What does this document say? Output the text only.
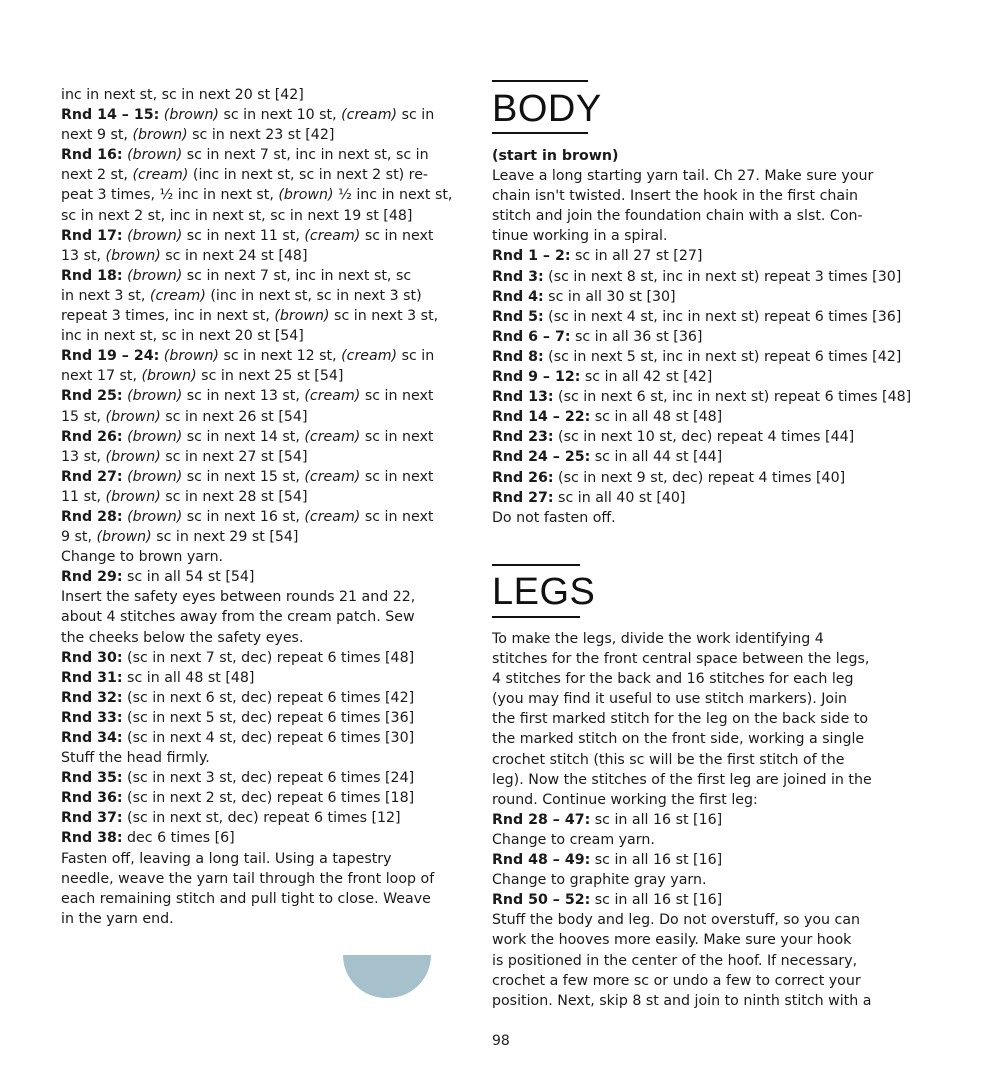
inc in next st, sc in next 20 st [42]
Rnd 14 – 15: (brown) sc in next 10 st, (cream) sc in
next 9 st, (brown) sc in next 23 st [42]
Rnd 16: (brown) sc in next 7 st, inc in next st, sc in
next 2 st, (cream) (inc in next st, sc in next 2 st) re-
peat 3 times, ½ inc in next st, (brown) ½ inc in next st,
sc in next 2 st, inc in next st, sc in next 19 st [48]
Rnd 17: (brown) sc in next 11 st, (cream) sc in next
13 st, (brown) sc in next 24 st [48]
Rnd 18: (brown) sc in next 7 st, inc in next st, sc
in next 3 st, (cream) (inc in next st, sc in next 3 st)
repeat 3 times, inc in next st, (brown) sc in next 3 st,
inc in next st, sc in next 20 st [54]
Rnd 19 – 24: (brown) sc in next 12 st, (cream) sc in
next 17 st, (brown) sc in next 25 st [54]
Rnd 25: (brown) sc in next 13 st, (cream) sc in next
15 st, (brown) sc in next 26 st [54]
Rnd 26: (brown) sc in next 14 st, (cream) sc in next
13 st, (brown) sc in next 27 st [54]
Rnd 27: (brown) sc in next 15 st, (cream) sc in next
11 st, (brown) sc in next 28 st [54]
Rnd 28: (brown) sc in next 16 st, (cream) sc in next
9 st, (brown) sc in next 29 st [54]
Change to brown yarn.
Rnd 29: sc in all 54 st [54]
Insert the safety eyes between rounds 21 and 22,
about 4 stitches away from the cream patch. Sew
the cheeks below the safety eyes.
Rnd 30: (sc in next 7 st, dec) repeat 6 times [48]
Rnd 31: sc in all 48 st [48]
Rnd 32: (sc in next 6 st, dec) repeat 6 times [42]
Rnd 33: (sc in next 5 st, dec) repeat 6 times [36]
Rnd 34: (sc in next 4 st, dec) repeat 6 times [30]
Stuff the head firmly.
Rnd 35: (sc in next 3 st, dec) repeat 6 times [24]
Rnd 36: (sc in next 2 st, dec) repeat 6 times [18]
Rnd 37: (sc in next st, dec) repeat 6 times [12]
Rnd 38: dec 6 times [6]
Fasten off, leaving a long tail. Using a tapestry
needle, weave the yarn tail through the front loop of
each remaining stitch and pull tight to close. Weave
in the yarn end.
BODY
(start in brown)
Leave a long starting yarn tail. Ch 27. Make sure your
chain isn't twisted. Insert the hook in the first chain
stitch and join the foundation chain with a slst. Con-
tinue working in a spiral.
Rnd 1 – 2: sc in all 27 st [27]
Rnd 3: (sc in next 8 st, inc in next st) repeat 3 times [30]
Rnd 4: sc in all 30 st [30]
Rnd 5: (sc in next 4 st, inc in next st) repeat 6 times [36]
Rnd 6 – 7: sc in all 36 st [36]
Rnd 8: (sc in next 5 st, inc in next st) repeat 6 times [42]
Rnd 9 – 12: sc in all 42 st [42]
Rnd 13: (sc in next 6 st, inc in next st) repeat 6 times [48]
Rnd 14 – 22: sc in all 48 st [48]
Rnd 23: (sc in next 10 st, dec) repeat 4 times [44]
Rnd 24 – 25: sc in all 44 st [44]
Rnd 26: (sc in next 9 st, dec) repeat 4 times [40]
Rnd 27: sc in all 40 st [40]
Do not fasten off.
LEGS
To make the legs, divide the work identifying 4
stitches for the front central space between the legs,
4 stitches for the back and 16 stitches for each leg
(you may find it useful to use stitch markers). Join
the first marked stitch for the leg on the back side to
the marked stitch on the front side, working a single
crochet stitch (this sc will be the first stitch of the
leg). Now the stitches of the first leg are joined in the
round. Continue working the first leg:
Rnd 28 – 47: sc in all 16 st [16]
Change to cream yarn.
Rnd 48 – 49: sc in all 16 st [16]
Change to graphite gray yarn.
Rnd 50 – 52: sc in all 16 st [16]
Stuff the body and leg. Do not overstuff, so you can
work the hooves more easily. Make sure your hook
is positioned in the center of the hoof. If necessary,
crochet a few more sc or undo a few to correct your
position. Next, skip 8 st and join to ninth stitch with a
98
